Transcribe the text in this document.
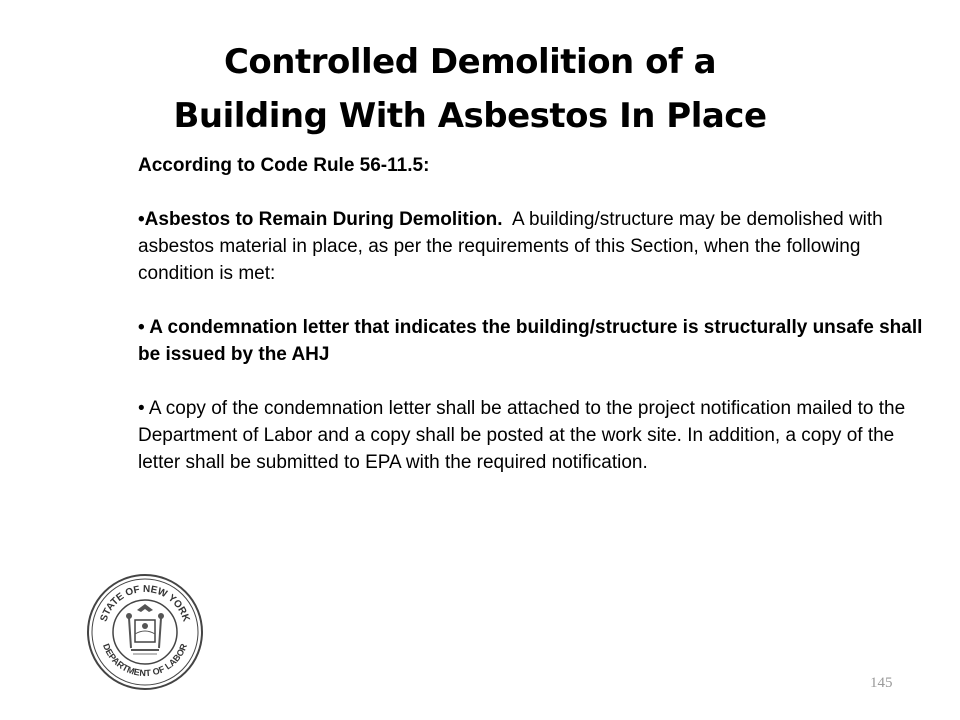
Controlled Demolition of a
Building With Asbestos In Place

According to Code Rule 56-11.5:

•Asbestos to Remain During Demolition.  A building/structure may be demolished with asbestos material in place, as per the requirements of this Section, when the following condition is met:

• A condemnation letter that indicates the building/structure is structurally unsafe shall be issued by the AHJ

• A copy of the condemnation letter shall be attached to the project notification mailed to the Department of Labor and a copy shall be posted at the work site. In addition, a copy of the letter shall be submitted to EPA with the required notification.

STATE OF NEW YORK
DEPARTMENT OF LABOR
145
